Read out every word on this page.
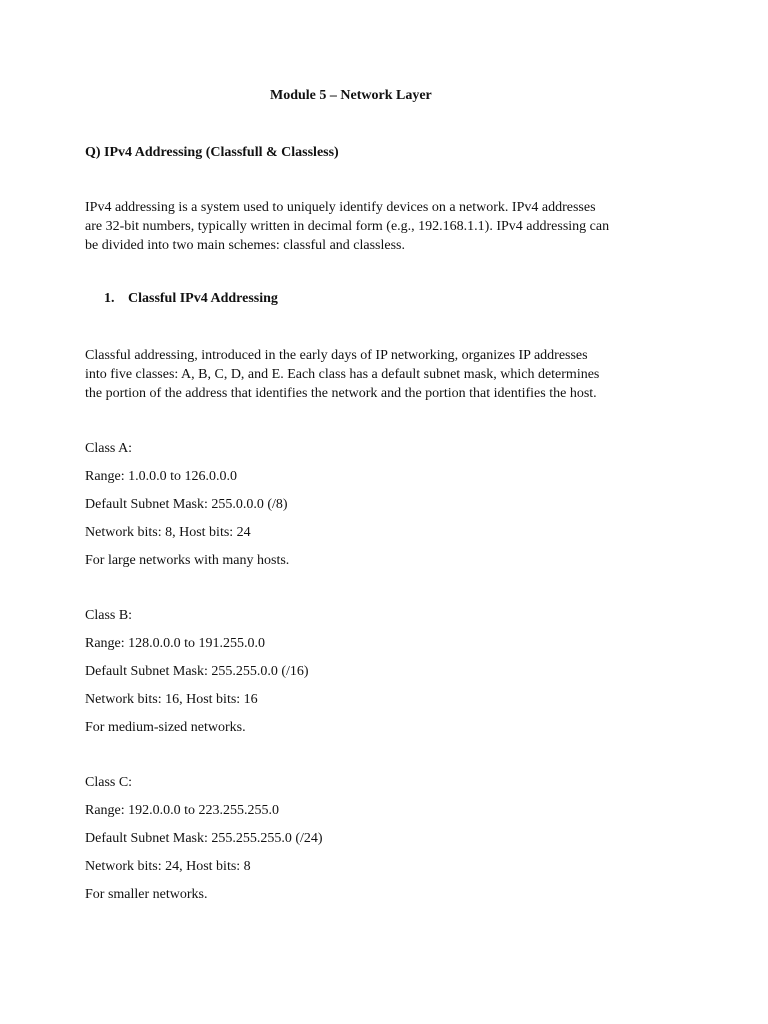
Module 5 – Network Layer
Q) IPv4 Addressing (Classfull & Classless)
IPv4 addressing is a system used to uniquely identify devices on a network. IPv4 addresses
are 32-bit numbers, typically written in decimal form (e.g., 192.168.1.1). IPv4 addressing can
be divided into two main schemes: classful and classless.
1. Classful IPv4 Addressing
Classful addressing, introduced in the early days of IP networking, organizes IP addresses
into five classes: A, B, C, D, and E. Each class has a default subnet mask, which determines
the portion of the address that identifies the network and the portion that identifies the host.
Class A:
Range: 1.0.0.0 to 126.0.0.0
Default Subnet Mask: 255.0.0.0 (/8)
Network bits: 8, Host bits: 24
For large networks with many hosts.
Class B:
Range: 128.0.0.0 to 191.255.0.0
Default Subnet Mask: 255.255.0.0 (/16)
Network bits: 16, Host bits: 16
For medium-sized networks.
Class C:
Range: 192.0.0.0 to 223.255.255.0
Default Subnet Mask: 255.255.255.0 (/24)
Network bits: 24, Host bits: 8
For smaller networks.
